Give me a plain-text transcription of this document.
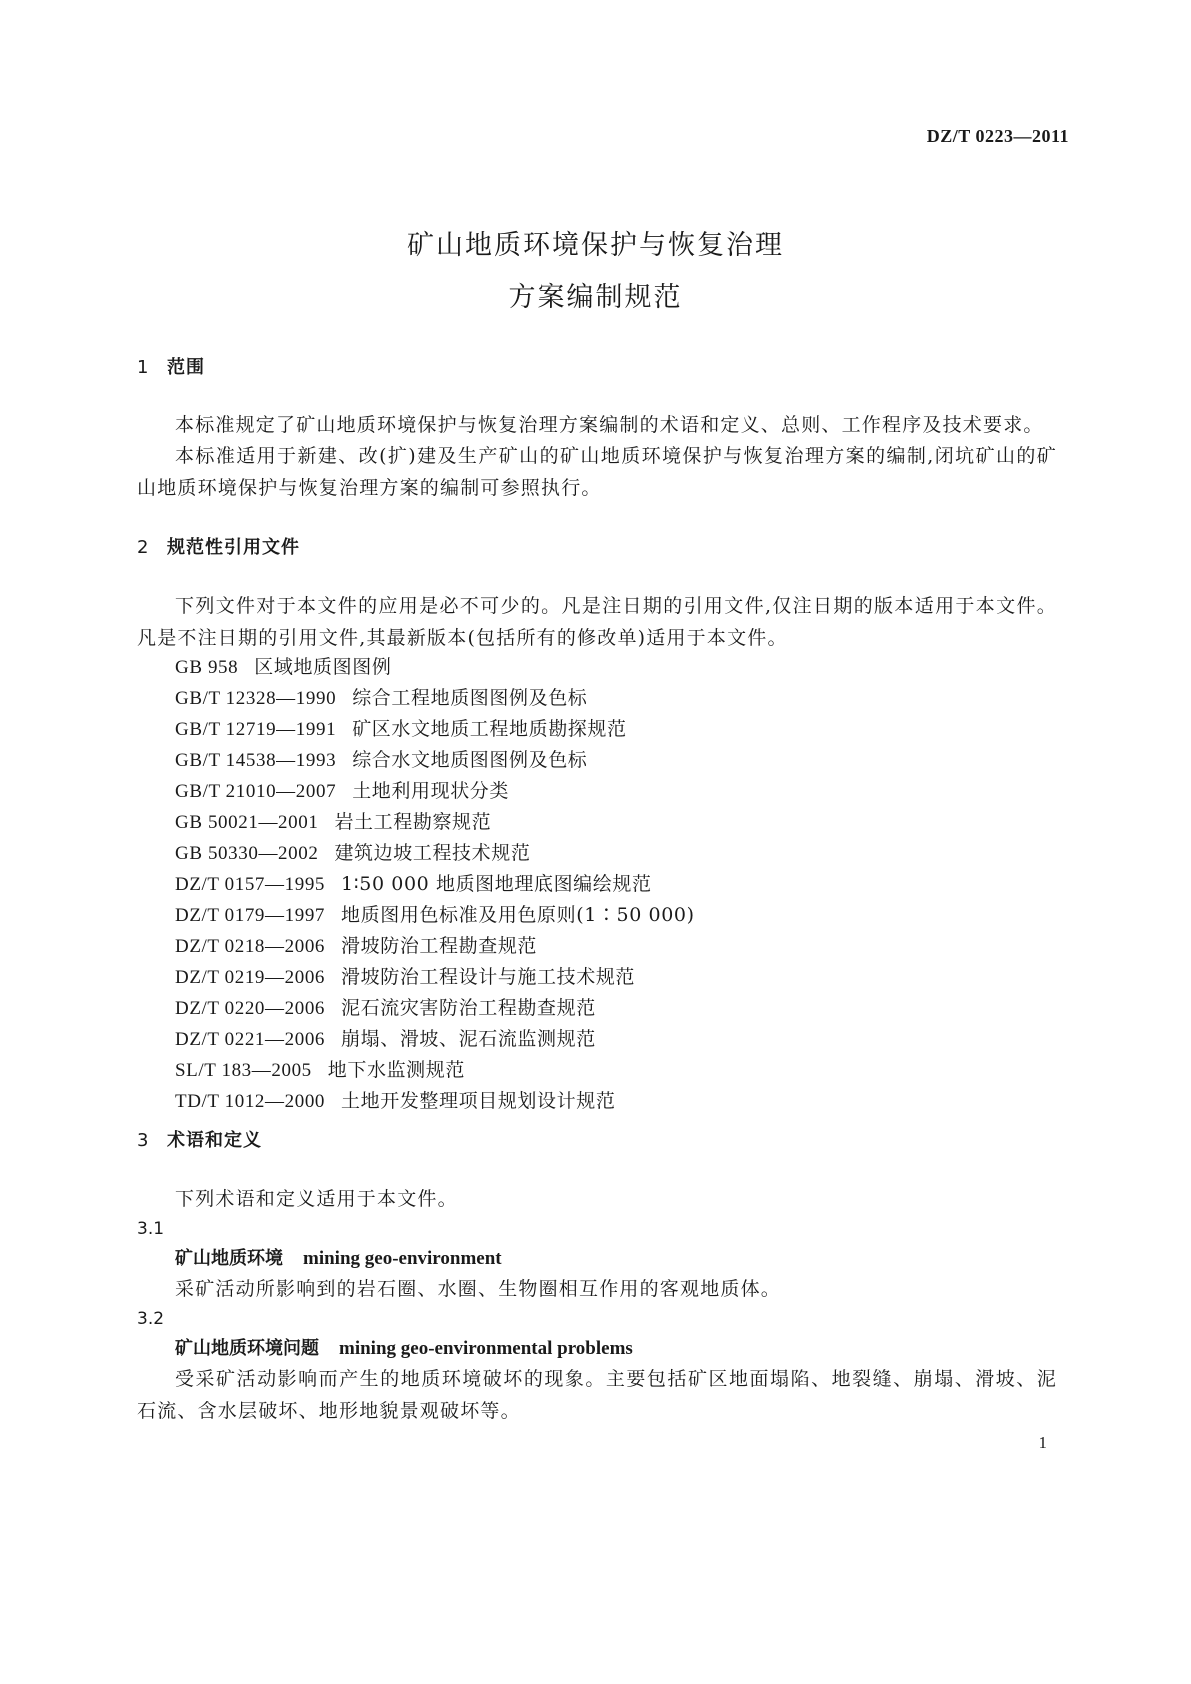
DZ/T 0223—2011
矿山地质环境保护与恢复治理
方案编制规范
1 范围
本标准规定了矿山地质环境保护与恢复治理方案编制的术语和定义、总则、工作程序及技术要求。
本标准适用于新建、改(扩)建及生产矿山的矿山地质环境保护与恢复治理方案的编制,闭坑矿山的矿山地质环境保护与恢复治理方案的编制可参照执行。
2 规范性引用文件
下列文件对于本文件的应用是必不可少的。凡是注日期的引用文件,仅注日期的版本适用于本文件。凡是不注日期的引用文件,其最新版本(包括所有的修改单)适用于本文件。
GB 958 区域地质图图例
GB/T 12328—1990 综合工程地质图图例及色标
GB/T 12719—1991 矿区水文地质工程地质勘探规范
GB/T 14538—1993 综合水文地质图图例及色标
GB/T 21010—2007 土地利用现状分类
GB 50021—2001 岩土工程勘察规范
GB 50330—2002 建筑边坡工程技术规范
DZ/T 0157—1995 1∶50 000 地质图地理底图编绘规范
DZ/T 0179—1997 地质图用色标准及用色原则(1∶50 000)
DZ/T 0218—2006 滑坡防治工程勘查规范
DZ/T 0219—2006 滑坡防治工程设计与施工技术规范
DZ/T 0220—2006 泥石流灾害防治工程勘查规范
DZ/T 0221—2006 崩塌、滑坡、泥石流监测规范
SL/T 183—2005 地下水监测规范
TD/T 1012—2000 土地开发整理项目规划设计规范
3 术语和定义
下列术语和定义适用于本文件。
3.1
矿山地质环境 mining geo-environment
采矿活动所影响到的岩石圈、水圈、生物圈相互作用的客观地质体。
3.2
矿山地质环境问题 mining geo-environmental problems
受采矿活动影响而产生的地质环境破坏的现象。主要包括矿区地面塌陷、地裂缝、崩塌、滑坡、泥石流、含水层破坏、地形地貌景观破坏等。
1
